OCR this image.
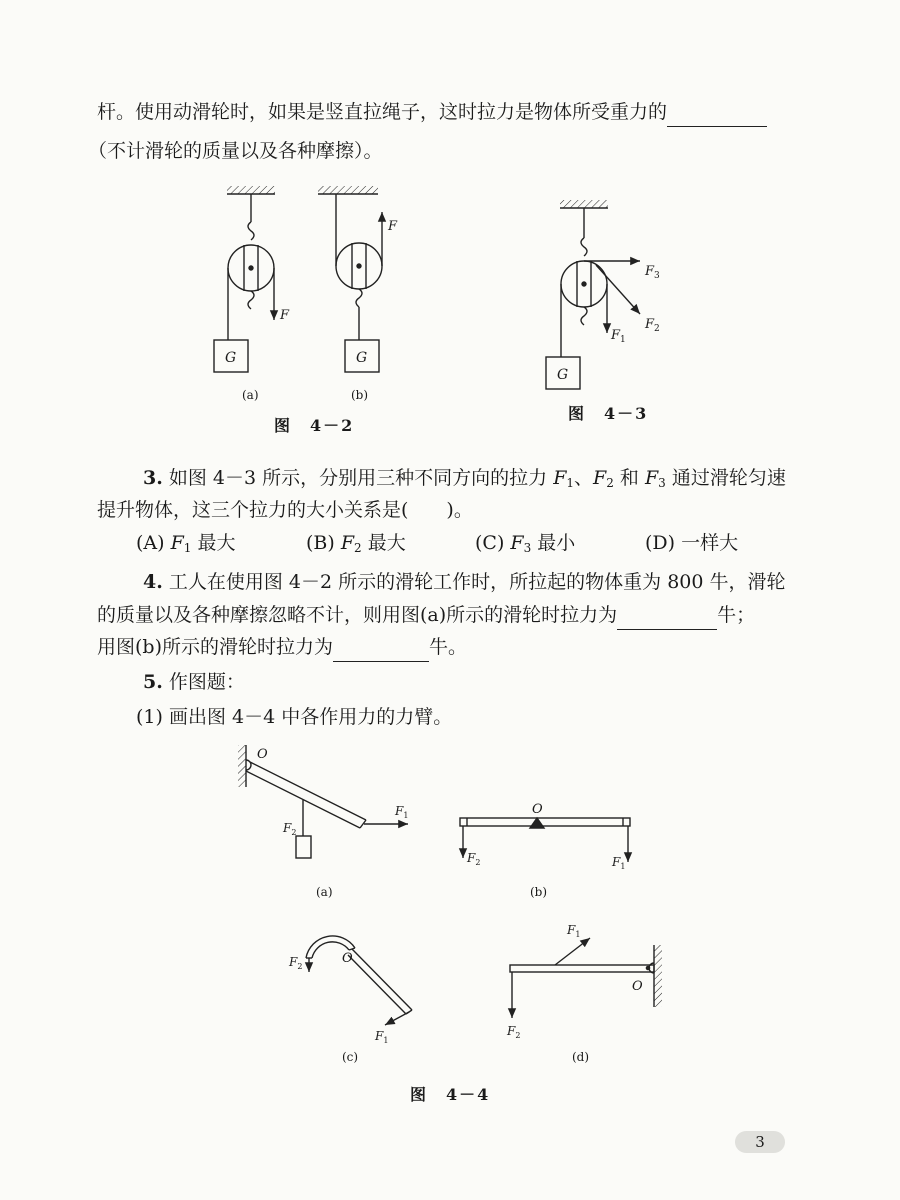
杆。使用动滑轮时，如果是竖直拉绳子，这时拉力是物体所受重力的
（不计滑轮的质量以及各种摩擦）。
3. 如图 4－3 所示，分别用三种不同方向的拉力 $F_1$、$F_2$ 和 $F_3$ 通过滑轮匀速
提升物体，这三个拉力的大小关系是(　　)。
(A) $F_1$ 最大	(B) $F_2$ 最大	(C) $F_3$ 最小	(D) 一样大
4. 工人在使用图 4－2 所示的滑轮工作时，所拉起的物体重为 800 牛，滑轮
的质量以及各种摩擦忽略不计，则用图(a)所示的滑轮时拉力为	牛；
用图(b)所示的滑轮时拉力为	牛。
5. 作图题：
(1) 画出图 4－4 中各作用力的力臂。
G
F
G
F
G
$F_3$
$F_2$
$F_1$
O
$F_1$
$F_2$
O
$F_2$	$F_1$
O
$F_2$
$F_1$
O
$F_1$
$F_2$
(a)	(b)
图　4－2
图　4－3
(a)	(b)
(c)	(d)
图　4－4
3
